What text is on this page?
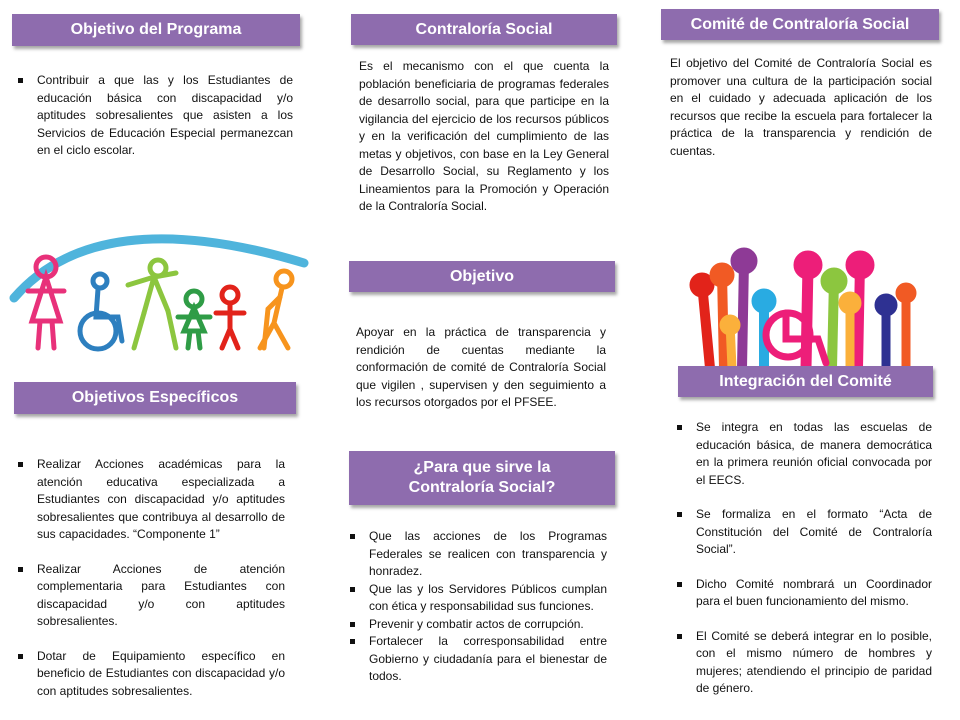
Objetivo del Programa
Contribuir a que las y los Estudiantes de educación básica con discapacidad y/o aptitudes sobresalientes que asisten a los Servicios de Educación Especial permanezcan en el ciclo escolar.
Objetivos Específicos
Realizar Acciones académicas para la atención educativa especializada a Estudiantes con discapacidad y/o aptitudes sobresalientes que contribuya al desarrollo de sus capacidades. “Componente 1”
Realizar Acciones de atención complementaria para Estudiantes con discapacidad y/o con aptitudes sobresalientes.
Dotar de Equipamiento específico en beneficio de Estudiantes con discapacidad y/o con aptitudes sobresalientes.
Contraloría Social
Es el mecanismo con el que cuenta la población beneficiaria de programas federales de desarrollo social, para que participe en la vigilancia del ejercicio de los recursos públicos y en la verificación del cumplimiento de las metas y objetivos, con base en la Ley General de Desarrollo Social, su Reglamento y los Lineamientos para la Promoción y Operación de la Contraloría Social.
Objetivo
Apoyar en la práctica de transparencia y rendición de cuentas mediante la conformación de comité de Contraloría Social que vigilen , supervisen y den seguimiento a los recursos otorgados por el PFSEE.
¿Para que sirve la
Contraloría Social?
Que las acciones de los Programas Federales se realicen con transparencia y honradez.
Que las y los Servidores Públicos cumplan con ética y responsabilidad sus funciones.
Prevenir y combatir actos de corrupción.
Fortalecer la corresponsabilidad entre Gobierno y ciudadanía para el bienestar de todos.
Comité de Contraloría Social
El objetivo del Comité de Contraloría Social es promover una cultura de la participación social en el cuidado y adecuada aplicación de los recursos que recibe la escuela para fortalecer la práctica de la transparencia y rendición de cuentas.
Integración del Comité
Se integra en todas las escuelas de educación básica, de manera democrática en la primera reunión oficial convocada por el EECS.
Se formaliza en el formato “Acta de Constitución del Comité de Contraloría Social”.
Dicho Comité nombrará un Coordinador para el buen funcionamiento del mismo.
El Comité se deberá integrar en lo posible, con el mismo número de hombres y mujeres; atendiendo el principio de paridad de género.
